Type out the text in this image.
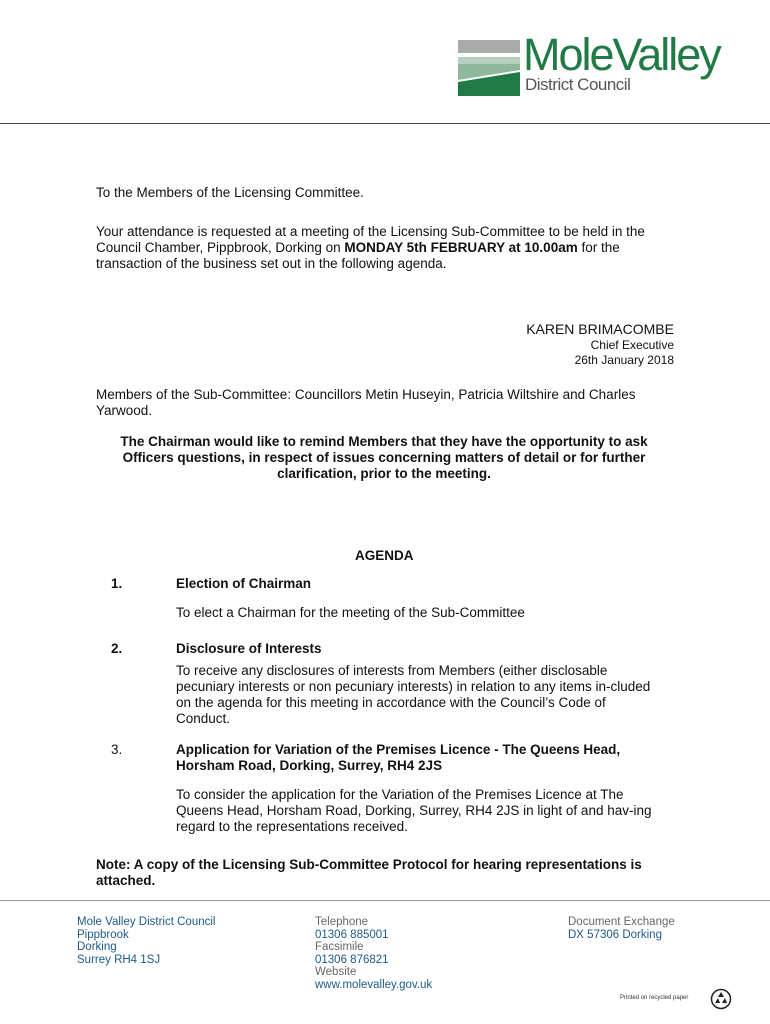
MoleValley
District Council
To the Members of the Licensing Committee.
Your attendance is requested at a meeting of the Licensing Sub-Committee to be held in the Council Chamber, Pippbrook, Dorking on MONDAY 5th FEBRUARY at 10.00am for the transaction of the business set out in the following agenda.
KAREN BRIMACOMBE
Chief Executive
26th January 2018
Members of the Sub-Committee: Councillors Metin Huseyin, Patricia Wiltshire and Charles Yarwood.
The Chairman would like to remind Members that they have the opportunity to ask Officers questions, in respect of issues concerning matters of detail or for further clarification, prior to the meeting.
AGENDA
1.	Election of Chairman
To elect a Chairman for the meeting of the Sub-Committee
2.	Disclosure of Interests
To receive any disclosures of interests from Members (either disclosable pecuniary interests or non pecuniary interests) in relation to any items in-cluded on the agenda for this meeting in accordance with the Council’s Code of Conduct.
3.	Application for Variation of the Premises Licence - The Queens Head, Horsham Road, Dorking, Surrey, RH4 2JS
To consider the application for the Variation of the Premises Licence at The Queens Head, Horsham Road, Dorking, Surrey, RH4 2JS in light of and hav-ing regard to the representations received.
Note: A copy of the Licensing Sub-Committee Protocol for hearing representations is attached.
Mole Valley District Council
Pippbrook
Dorking
Surrey RH4 1SJ
Telephone
01306 885001
Facsimile
01306 876821
Website
www.molevalley.gov.uk
Document Exchange
DX 57306 Dorking
Printed on recycled paper
